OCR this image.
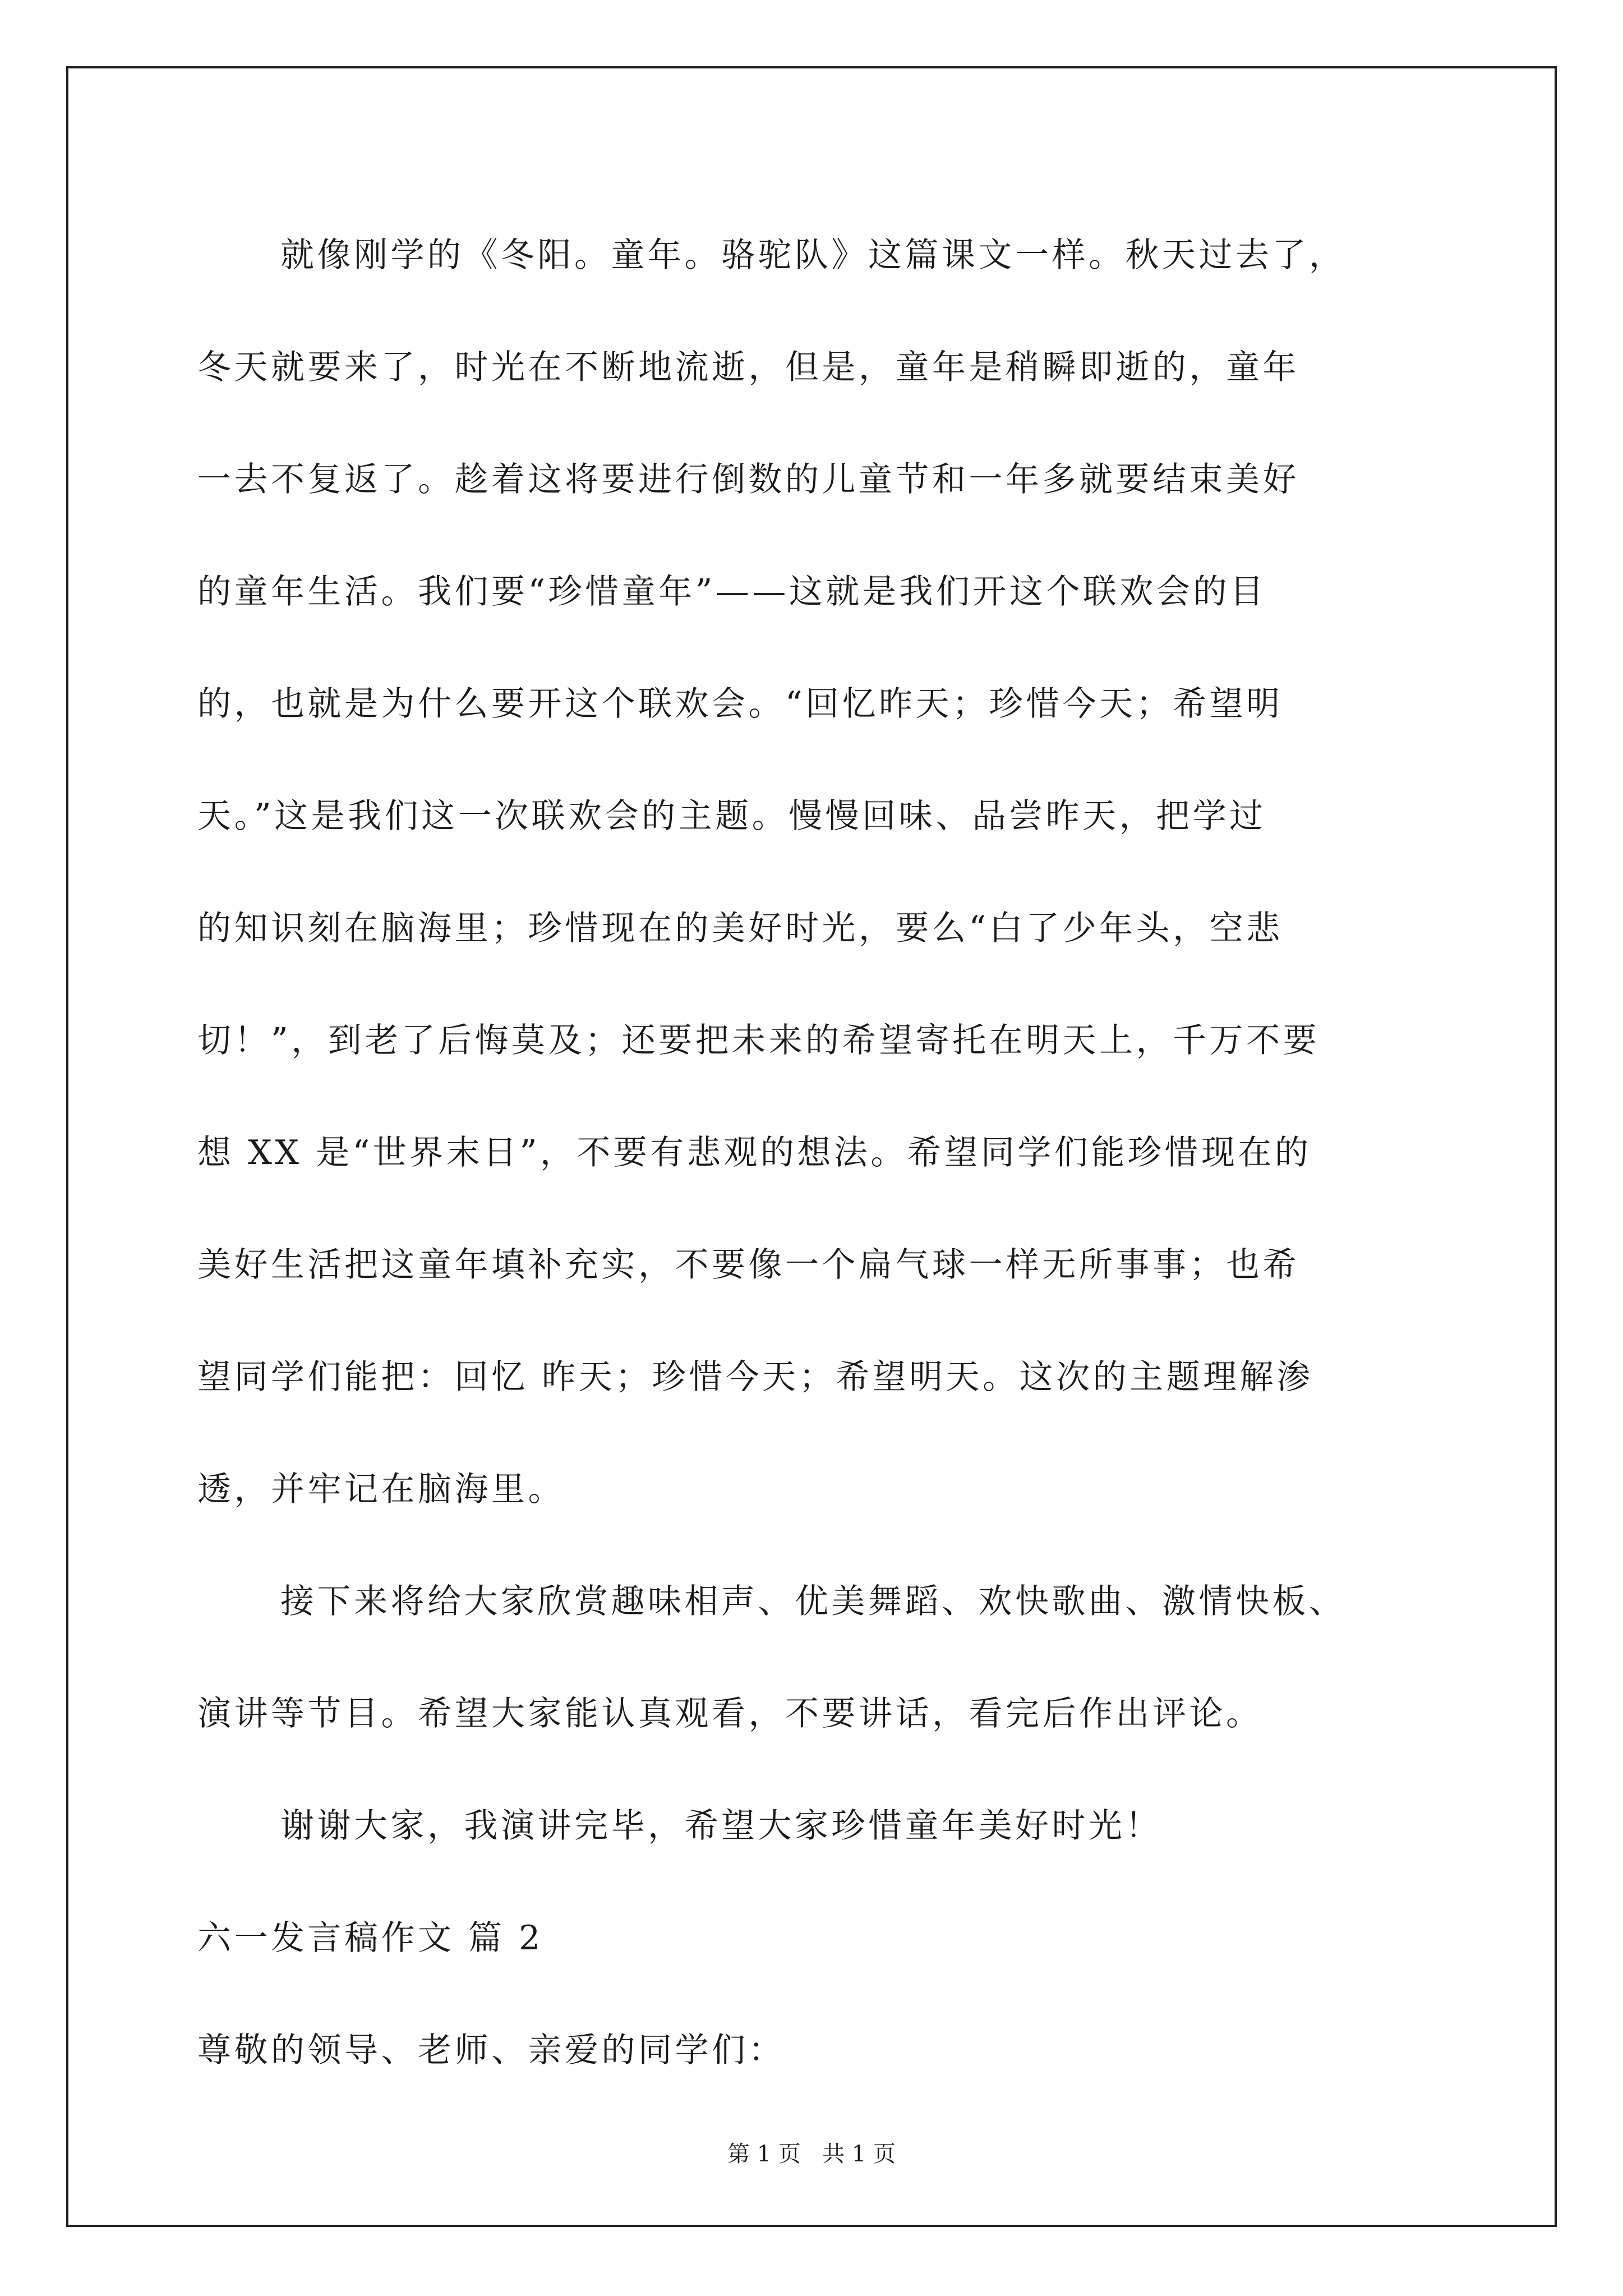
就像刚学的《冬阳。童年。骆驼队》这篇课文一样。秋天过去了，
冬天就要来了，时光在不断地流逝，但是，童年是稍瞬即逝的，童年
一去不复返了。趁着这将要进行倒数的儿童节和一年多就要结束美好
的童年生活。我们要“珍惜童年”——这就是我们开这个联欢会的目
的，也就是为什么要开这个联欢会。“回忆昨天；珍惜今天；希望明
天。”这是我们这一次联欢会的主题。慢慢回味、品尝昨天，把学过
的知识刻在脑海里；珍惜现在的美好时光，要么“白了少年头，空悲
切！”，到老了后悔莫及；还要把未来的希望寄托在明天上，千万不要
想 XX 是“世界末日”，不要有悲观的想法。希望同学们能珍惜现在的
美好生活把这童年填补充实，不要像一个扁气球一样无所事事；也希
望同学们能把：回忆 昨天；珍惜今天；希望明天。这次的主题理解渗
透，并牢记在脑海里。
接下来将给大家欣赏趣味相声、优美舞蹈、欢快歌曲、激情快板、
演讲等节目。希望大家能认真观看，不要讲话，看完后作出评论。
谢谢大家，我演讲完毕，希望大家珍惜童年美好时光！
六一发言稿作文 篇 2
尊敬的领导、老师、亲爱的同学们：
第 1 页   共 1 页
